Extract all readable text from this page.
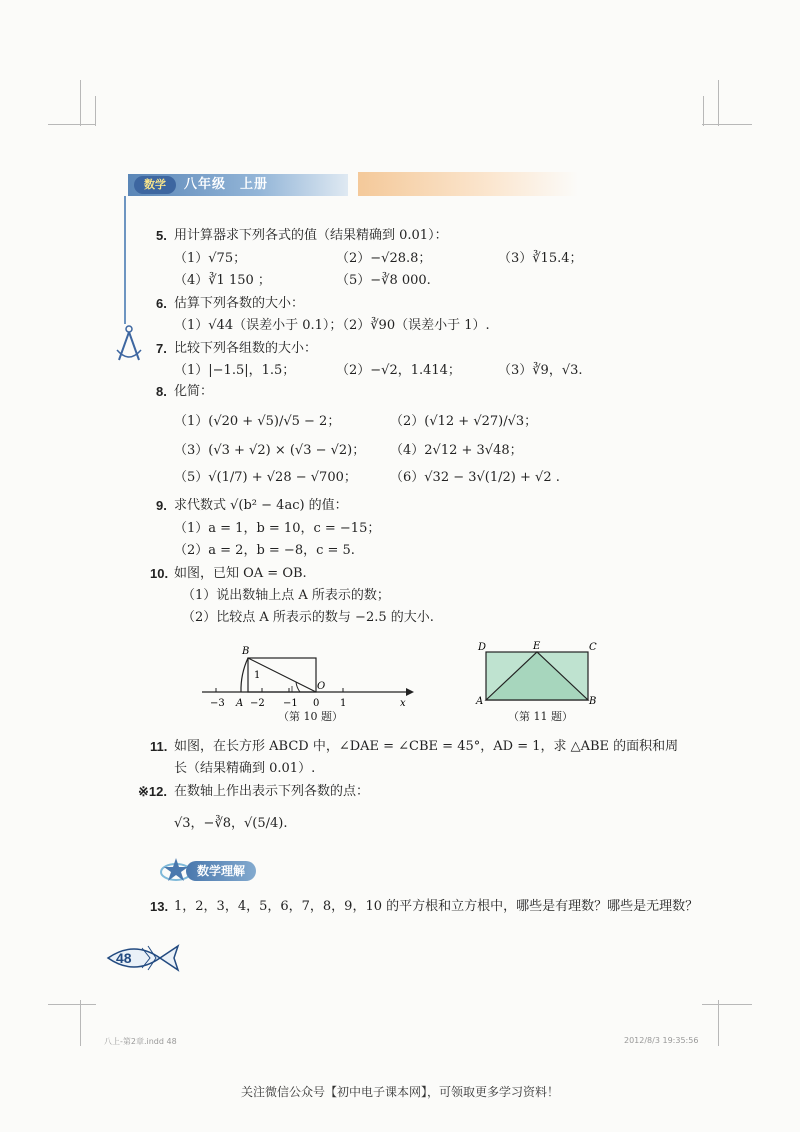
数学	八年级　上册
5. 用计算器求下列各式的值（结果精确到 0.01）：
（1）√75；	（2）−√28.8；	（3）∛15.4；
（4）∛1 150 ；	（5）−∛8 000.
6. 估算下列各数的大小：
（1）√44（误差小于 0.1）；
（2）∛90（误差小于 1）.
7. 比较下列各组数的大小：
（1）|−1.5|，1.5̇；	（2）−√2，1.414；	（3）∛9，√3.
8. 化简：
（1）(√20 + √5)/√5 − 2；	（2）(√12 + √27)/√3；
（3）(√3 + √2) × (√3 − √2)； （4）2√12 + 3√48；
（5）√(1/7) + √28 − √700；	（6）√32 − 3√(1/2) + √2 .
9. 求代数式 √(b² − 4ac) 的值：
（1）a = 1，b = 10，c = −15；
（2）a = 2，b = −8，c = 5.
10. 如图，已知 OA = OB.
（1）说出数轴上点 A 所表示的数；
（2）比较点 A 所表示的数与 −2.5 的大小.
−3 A −2 −1 0 1	x
B
1
O
（第 10 题）
D	E	C
A	B
（第 11 题）
11. 如图，在长方形 ABCD 中，∠DAE = ∠CBE = 45°，AD = 1，求 △ABE 的面积和周
长（结果精确到 0.01）.
※12. 在数轴上作出表示下列各数的点：
√3，−∛8，√(5/4).
数学理解
13. 1，2，3，4，5，6，7，8，9，10 的平方根和立方根中，哪些是有理数？哪些是无理数？
48
八上-第2章.indd 48	2012/8/3 19:35:56
关注微信公众号【初中电子课本网】，可领取更多学习资料！
